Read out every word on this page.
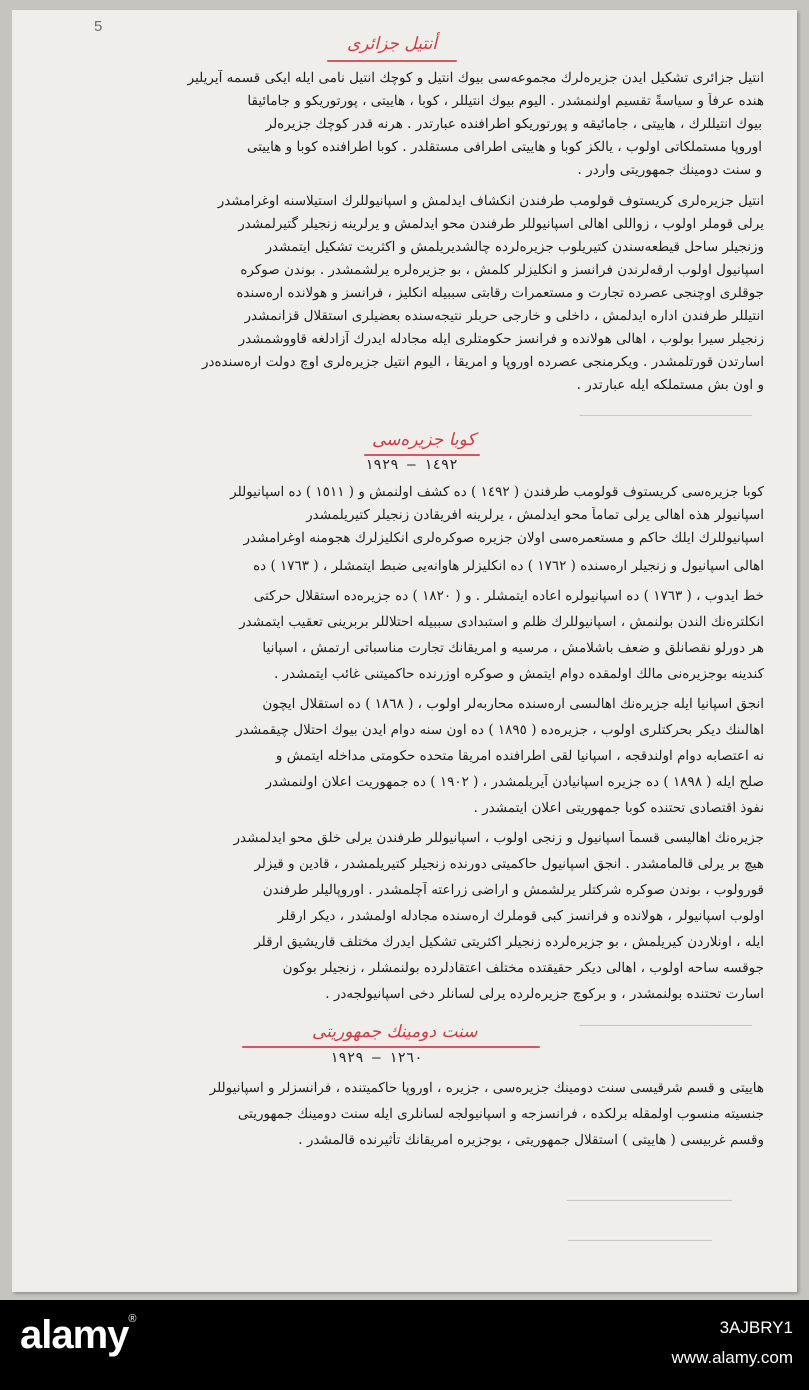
5
أنتيل جزائرى
انتيل جزائرى تشكيل ايدن جزيرەلرك مجموعەسى بيوك انتيل و كوچك انتيل نامى ايله ايكى قسمه آيريلير
هنده عرفاً و سياسةً تقسيم اولنمشدر . اليوم بيوك انتيللر ، كوبا ، هاييتى ، پورتوريكو و جامائيقا
بيوك انتيللرك ، هاييتى ، جامائيقه و پورتوريكو اطرافنده عبارتدر . هرنه قدر كوچك جزيرەلر
اوروپا مستملكاتى اولوب ، يالكز كوبا و هاييتى اطرافى مستقلدر . كوبا اطرافنده كوبا و هاييتى
و سنت دومينك جمهوريتى واردر .
انتيل جزيرەلرى كريستوف قولومب طرفندن انكشاف ايدلمش و اسپانيوللرك استيلاسنه اوغرامشدر
يرلى قوملر اولوب ، زواللى اهالى اسپانيوللر طرفندن محو ايدلمش و يرلرينه زنجيلر گتيرلمشدر
وزنجيلر ساحل قيطعەسندن كتيريلوب جزيرەلرده چالشديريلمش و اكثريت تشكيل ايتمشدر
اسپانيول اولوب ارقەلرندن فرانسز و انكليزلر كلمش ، بو جزيرەلره يرلشمشدر . بوندن صوكره
جوقلرى اوچنجى عصرده تجارت و مستعمرات رقابتى سببيله انكليز ، فرانسز و هولانده ارەسنده
انتيللر طرفندن ادارە ايدلمش ، داخلى و خارجى حربلر نتيجەسنده بعضيلرى استقلال قزانمشدر
زنجيلر سيرا بولوب ، اهالى هولانده و فرانسز حكومتلرى ايله مجادلە ايدرك آزادلغه قاووشمشدر
اسارتدن قورتلمشدر . ويكرمنجى عصرده اوروپا و امريقا ، اليوم انتيل جزيرەلرى اوچ دولت ارەسندەدر
و اون بش مستملكە ايله عبارتدر .
كوبا جزيرەسى
١٤٩٢ — ١٩٢٩
كوبا جزيرەسى كريستوف قولومب طرفندن ( ١٤٩٢ ) ده كشف اولنمش و ( ١٥١١ ) ده اسپانيوللر
اسپانيولر هذه اهالى يرلى تماماً محو ايدلمش ، يرلرينه افريقادن زنجيلر كتيريلمشدر
اسپانيوللرك ايلك حاكم و مستعمرەسى اولان جزيرە صوكرەلرى انكليزلرك هجومنه اوغرامشدر
اهالى اسپانيول و زنجيلر ارەسنده ( ١٧٦٢ ) ده انكليزلر هاوانەيى ضبط ايتمشلر ، ( ١٧٦٣ ) ده
خط ايدوب ، ( ١٧٦٣ ) ده اسپانيولره اعادە ايتمشلر . و ( ١٨٢٠ ) ده جزيرەده استقلال حركتى
انكلترەنك الندن بولنمش ، اسپانيوللرك ظلم و استبدادى سببيله احتلاللر بربرينى تعقيب ايتمشدر
هر دورلو نقصانلق و ضعف باشلامش ، مرسيه و امريقانك تجارت مناسباتى ارتمش ، اسپانيا
كندينه بوجزيرەنى مالك اولمقده دوام ايتمش و صوكرە اوزرنده حاكميتنى غائب ايتمشدر .
انجق اسپانيا ايله جزيرەنك اهالىسى ارەسنده محاربەلر اولوب ، ( ١٨٦٨ ) ده استقلال ايچون
اهالىنك ديكر بحركتلرى اولوب ، جزيرەده ( ١٨٩٥ ) ده اون سنه دوام ايدن بيوك احتلال چيقمشدر
نه اعتصابه دوام اولندقجه ، اسپانيا لقى اطرافنده امريقا متحدە حكومتى مداخلە ايتمش و
صلح ايله ( ١٨٩٨ ) ده جزيرە اسپانيادن آيريلمشدر ، ( ١٩٠٢ ) ده جمهوريت اعلان اولنمشدر
نفوذ اقتصادى تحتنده كوبا جمهوريتى اعلان ايتمشدر .
جزيرەنك اهاليسى قسماً اسپانيول و زنجى اولوب ، اسپانيوللر طرفندن يرلى خلق محو ايدلمشدر
هيچ بر يرلى قالمامشدر . انجق اسپانيول حاكميتى دورنده زنجيلر كتيريلمشدر ، قادين و قيزلر
قورولوب ، بوندن صوكرە شركتلر يرلشمش و اراضى زراعتە آچلمشدر . اوروپاليلر طرفندن
اولوب اسپانيولر ، هولانده و فرانسز كبى قوملرك ارەسنده مجادلە اولمشدر ، ديكر ارقلر
ايله ، اونلاردن كيريلمش ، بو جزيرەلرده زنجيلر اكثريتى تشكيل ايدرك مختلف قاريشيق ارقلر
جوقسه ساحه اولوب ، اهالى ديكر حقيقتده مختلف اعتقادلرده بولنمشلر ، زنجيلر بوكون
اسارت تحتنده بولنمشدر ، و بركوچ جزيرەلرده يرلى لسانلر دخى اسپانيولجەدر .
سنت دومينك جمهوريتى
١٢٦٠ — ١٩٢٩
هاييتى و قسم شرقيسى سنت دومينك جزيرەسى ، جزيرە ، اوروپا حاكميتنده ، فرانسزلر و اسپانيوللر
جنسيتە منسوب اولمقله برلكده ، فرانسزجە و اسپانيولجە لسانلرى ايله سنت دومينك جمهوريتى
وقسم غربيسى ( هاييتى ) استقلال جمهوريتى ، بوجزيرە امريقانك تأثيرنده قالمشدر .
ـــــــــــــــــــــــــــــــــــــــــــــــــ
ـــــــــــــــــــــــــــــــــــــــــــــــــ
ـــــــــــــــــــــــــــــــــــــــــــــــ
ـــــــــــــــــــــــــــــــــــــــــ
alamy®	3AJBRY1
www.alamy.com
